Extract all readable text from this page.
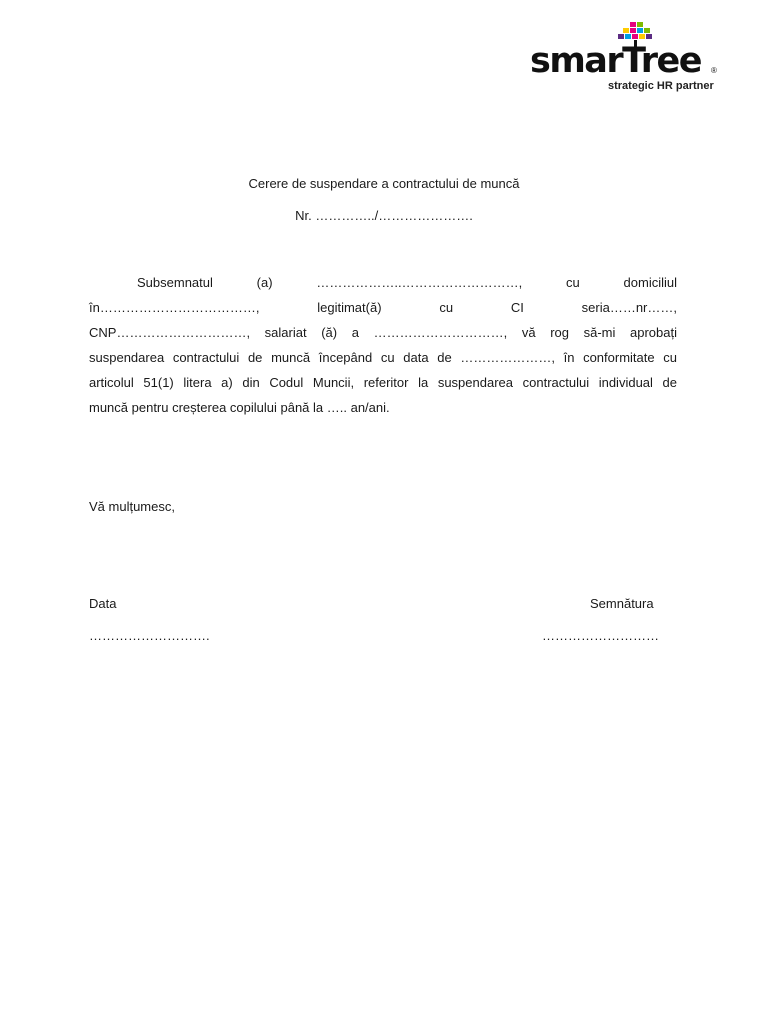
smarTree ®
strategic HR partner
Cerere de suspendare a contractului de muncă
Nr. …………../………………….
Subsemnatul (a) ………………..………………………, cu domiciliul
în………………………………, legitimat(ă) cu CI seria……nr……,
CNP…………………………, salariat (ă) a …………………………, vă rog să-mi aprobați
suspendarea contractului de muncă începând cu data de …………………, în conformitate cu
articolul 51(1) litera a) din Codul Muncii, referitor la suspendarea contractului individual de
muncă pentru creșterea copilului până la ….. an/ani.
Vă mulțumesc,
Data	Semnătura
……………………….	………………………
